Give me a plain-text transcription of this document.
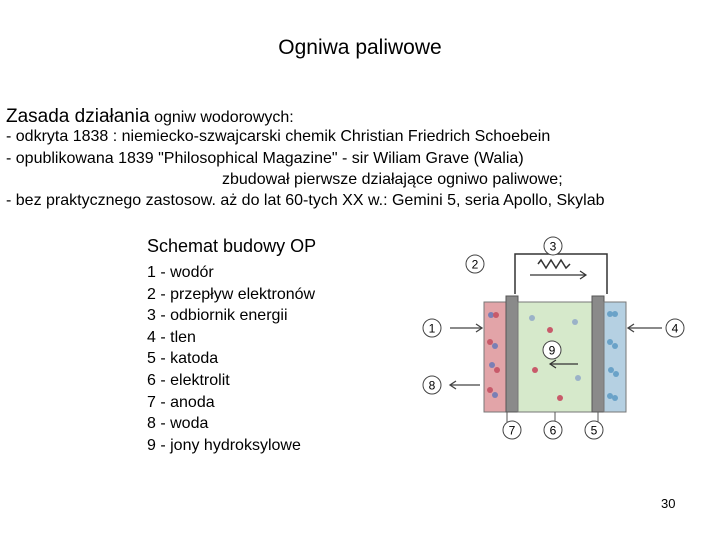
Ogniwa paliwowe
Zasada działania ogniw wodorowych:
- odkryta 1838 : niemiecko-szwajcarski chemik Christian Friedrich Schoebein
- opublikowana 1839 "Philosophical Magazine" - sir Wiliam Grave (Walia)
zbudował pierwsze działające ogniwo paliwowe;
- bez praktycznego zastosow. aż do lat 60-tych XX w.: Gemini 5, seria Apollo, Skylab
Schemat budowy OP
1 - wodór
2 - przepływ elektronów
3 - odbiornik energii
4 - tlen
5 - katoda
6 - elektrolit
7 - anoda
8 - woda
9 - jony hydroksylowe
3
2
1	4
8
9
7	6	5
30
